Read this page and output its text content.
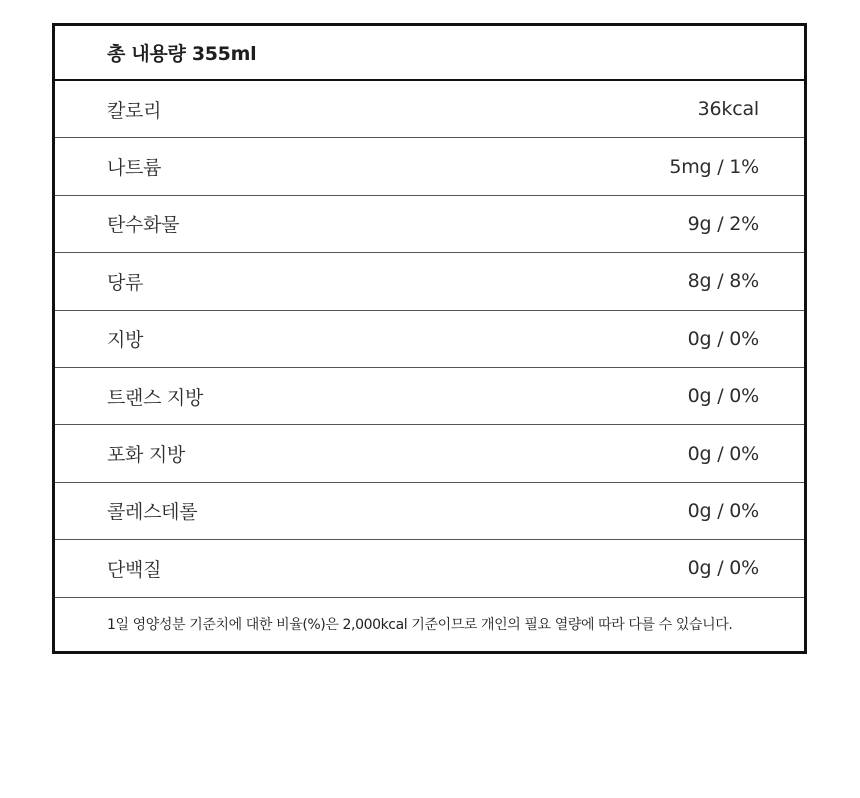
총 내용량 355ml
칼로리	36kcal
나트륨	5mg / 1%
탄수화물	9g / 2%
당류	8g / 8%
지방	0g / 0%
트랜스 지방	0g / 0%
포화 지방	0g / 0%
콜레스테롤	0g / 0%
단백질	0g / 0%
1일 영양성분 기준치에 대한 비율(%)은 2,000kcal 기준이므로 개인의 필요 열량에 따라 다를 수 있습니다.
